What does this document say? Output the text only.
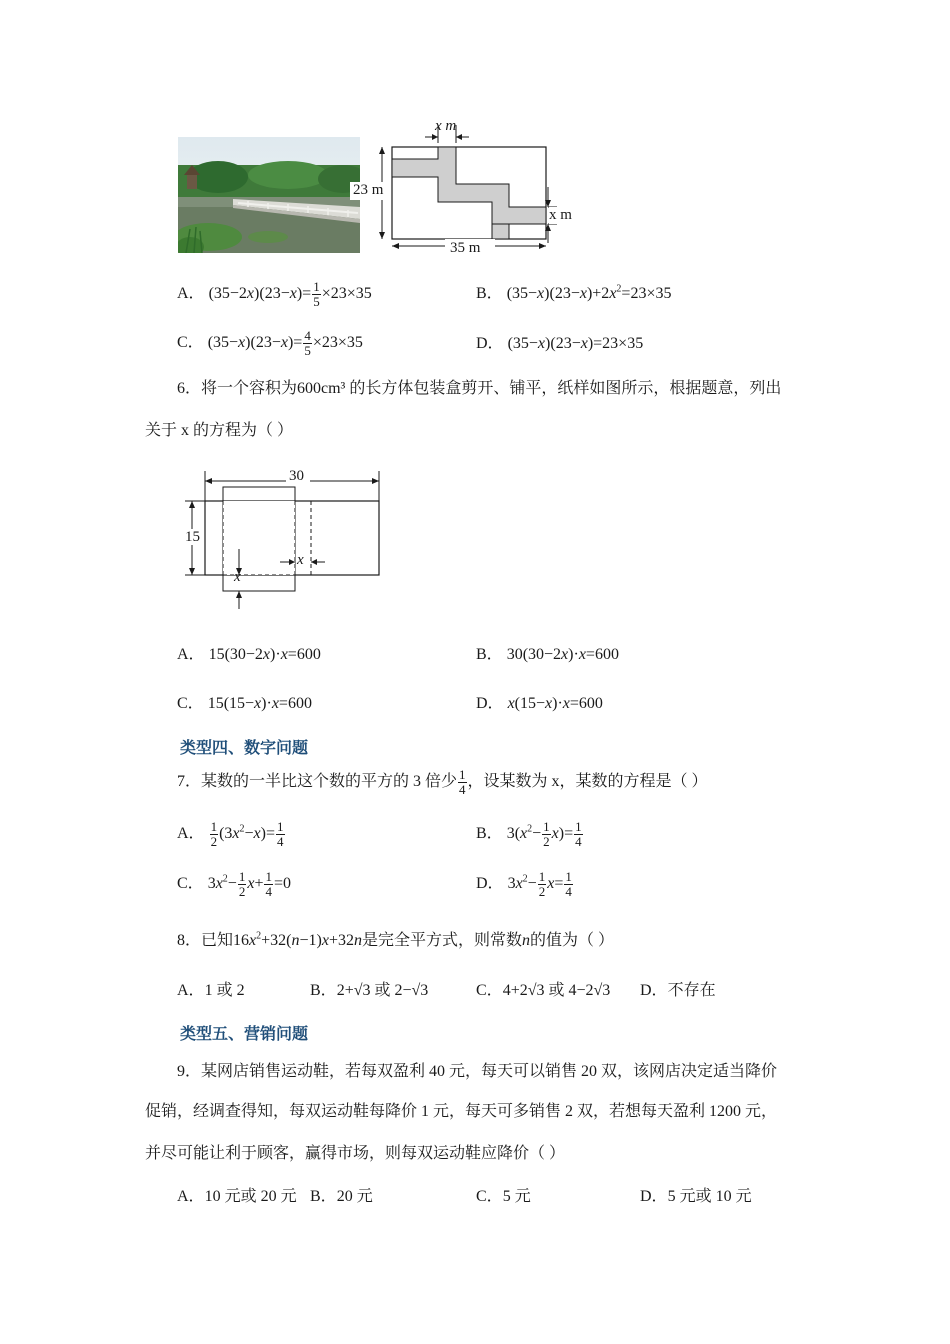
x m
23 m
x m
35 m
A． $(35-2x)(23-x)= \frac{1}{5} \times 23\times 35$	B． $(35-x)(23-x)+2x^2=23\times 35$
C． $(35-x)(23-x)= \frac{4}{5} \times 23\times 35$	D． (35−x)(23−x)=23×35
6．将一个容积为600cm³ 的长方体包装盒剪开、铺平，纸样如图所示，根据题意，列出
关于 x 的方程为（ ）
30
15
x
x
A． 15(30−2x)·x=600	B． 30(30−2x)·x=600
C． 15(15−x)·x=600	D． x(15−x)·x=600
类型四、数字问题
7．某数的一半比这个数的平方的 3 倍少 $\frac{1}{4}$ ，设某数为 x，某数的方程是（ ）
A． $\frac{1}{2} (3x^2-x)= \frac{1}{4}$	B． $3(x^2- \frac{1}{2} x)= \frac{1}{4}$
C． $3x^2- \frac{1}{2} x+ \frac{1}{4} =0$	D． $3x^2- \frac{1}{2} x= \frac{1}{4}$
8．已知$16x^2+32(n-1)x+32n$是完全平方式，则常数n的值为（ ）
A．1 或 2	B．2+√3 或 2−√3	C．4+2√3 或 4−2√3 D．不存在
类型五、营销问题
9．某网店销售运动鞋，若每双盈利 40 元，每天可以销售 20 双，该网店决定适当降价
促销，经调查得知，每双运动鞋每降价 1 元，每天可多销售 2 双，若想每天盈利 1200 元，
并尽可能让利于顾客，赢得市场，则每双运动鞋应降价（ ）
A．10 元或 20 元 B．20 元	C．5 元	D．5 元或 10 元
